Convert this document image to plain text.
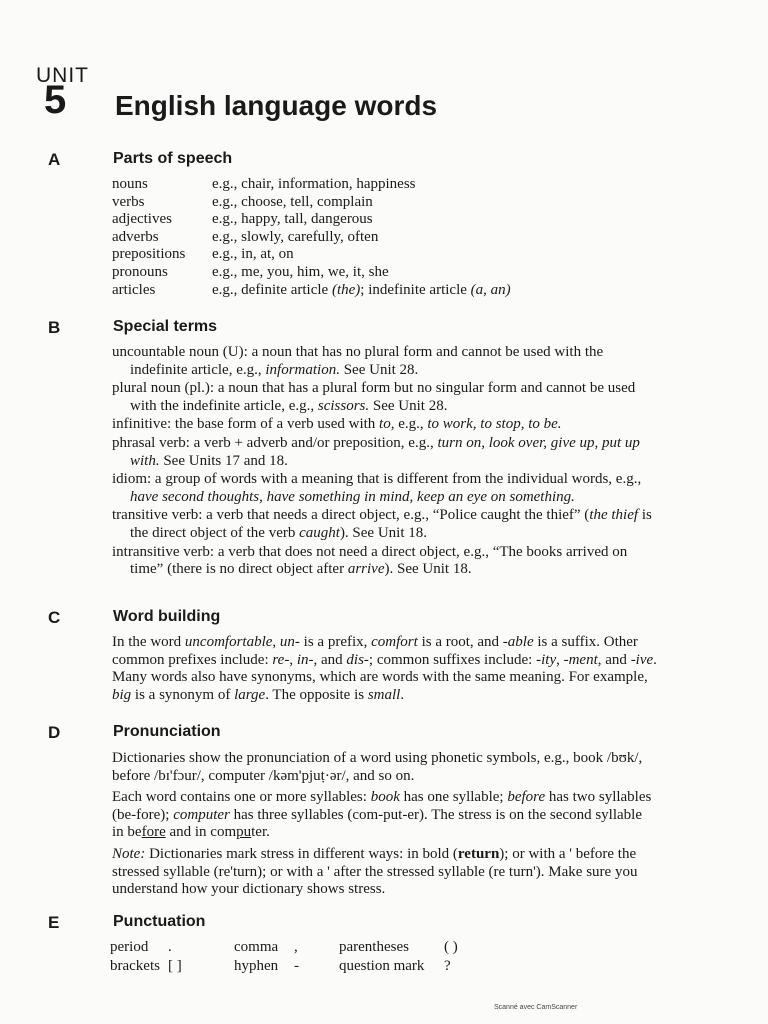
UNIT
5 English language words
A	Parts of speech
nouns	e.g., chair, information, happiness
verbs	e.g., choose, tell, complain
adjectives	e.g., happy, tall, dangerous
adverbs	e.g., slowly, carefully, often
prepositions	e.g., in, at, on
pronouns	e.g., me, you, him, we, it, she
articles	e.g., definite article (the); indefinite article (a, an)
B	Special terms

uncountable noun (U): a noun that has no plural form and cannot be used with the indefinite article, e.g., information. See Unit 28.

plural noun (pl.): a noun that has a plural form but no singular form and cannot be used with the indefinite article, e.g., scissors. See Unit 28.

infinitive: the base form of a verb used with to, e.g., to work, to stop, to be.

phrasal verb: a verb + adverb and/or preposition, e.g., turn on, look over, give up, put up with. See Units 17 and 18.

idiom: a group of words with a meaning that is different from the individual words, e.g., have second thoughts, have something in mind, keep an eye on something.

transitive verb: a verb that needs a direct object, e.g., “Police caught the thief” (the thief is the direct object of the verb caught). See Unit 18.

intransitive verb: a verb that does not need a direct object, e.g., “The books arrived on time” (there is no direct object after arrive). See Unit 18.

C	Word building

In the word uncomfortable, un- is a prefix, comfort is a root, and -able is a suffix. Other common prefixes include: re-, in-, and dis-; common suffixes include: -ity, -ment, and -ive. Many words also have synonyms, which are words with the same meaning. For example, big is a synonym of large. The opposite is small.

D	Pronunciation

Dictionaries show the pronunciation of a word using phonetic symbols, e.g., book /bʊk/, before /bɪ'fɔur/, computer /kəm'pjuṭ·ər/, and so on.

Each word contains one or more syllables: book has one syllable; before has two syllables (be-fore); computer has three syllables (com-put-er). The stress is on the second syllable in before and in computer.

Note: Dictionaries mark stress in different ways: in bold (return); or with a ' before the stressed syllable (re'turn); or with a ' after the stressed syllable (re turn'). Make sure you understand how your dictionary shows stress.

E	Punctuation
period	.	comma	,	parentheses	( )
brackets	[ ]	hyphen	-	question mark	?
Scanné avec CamScanner
